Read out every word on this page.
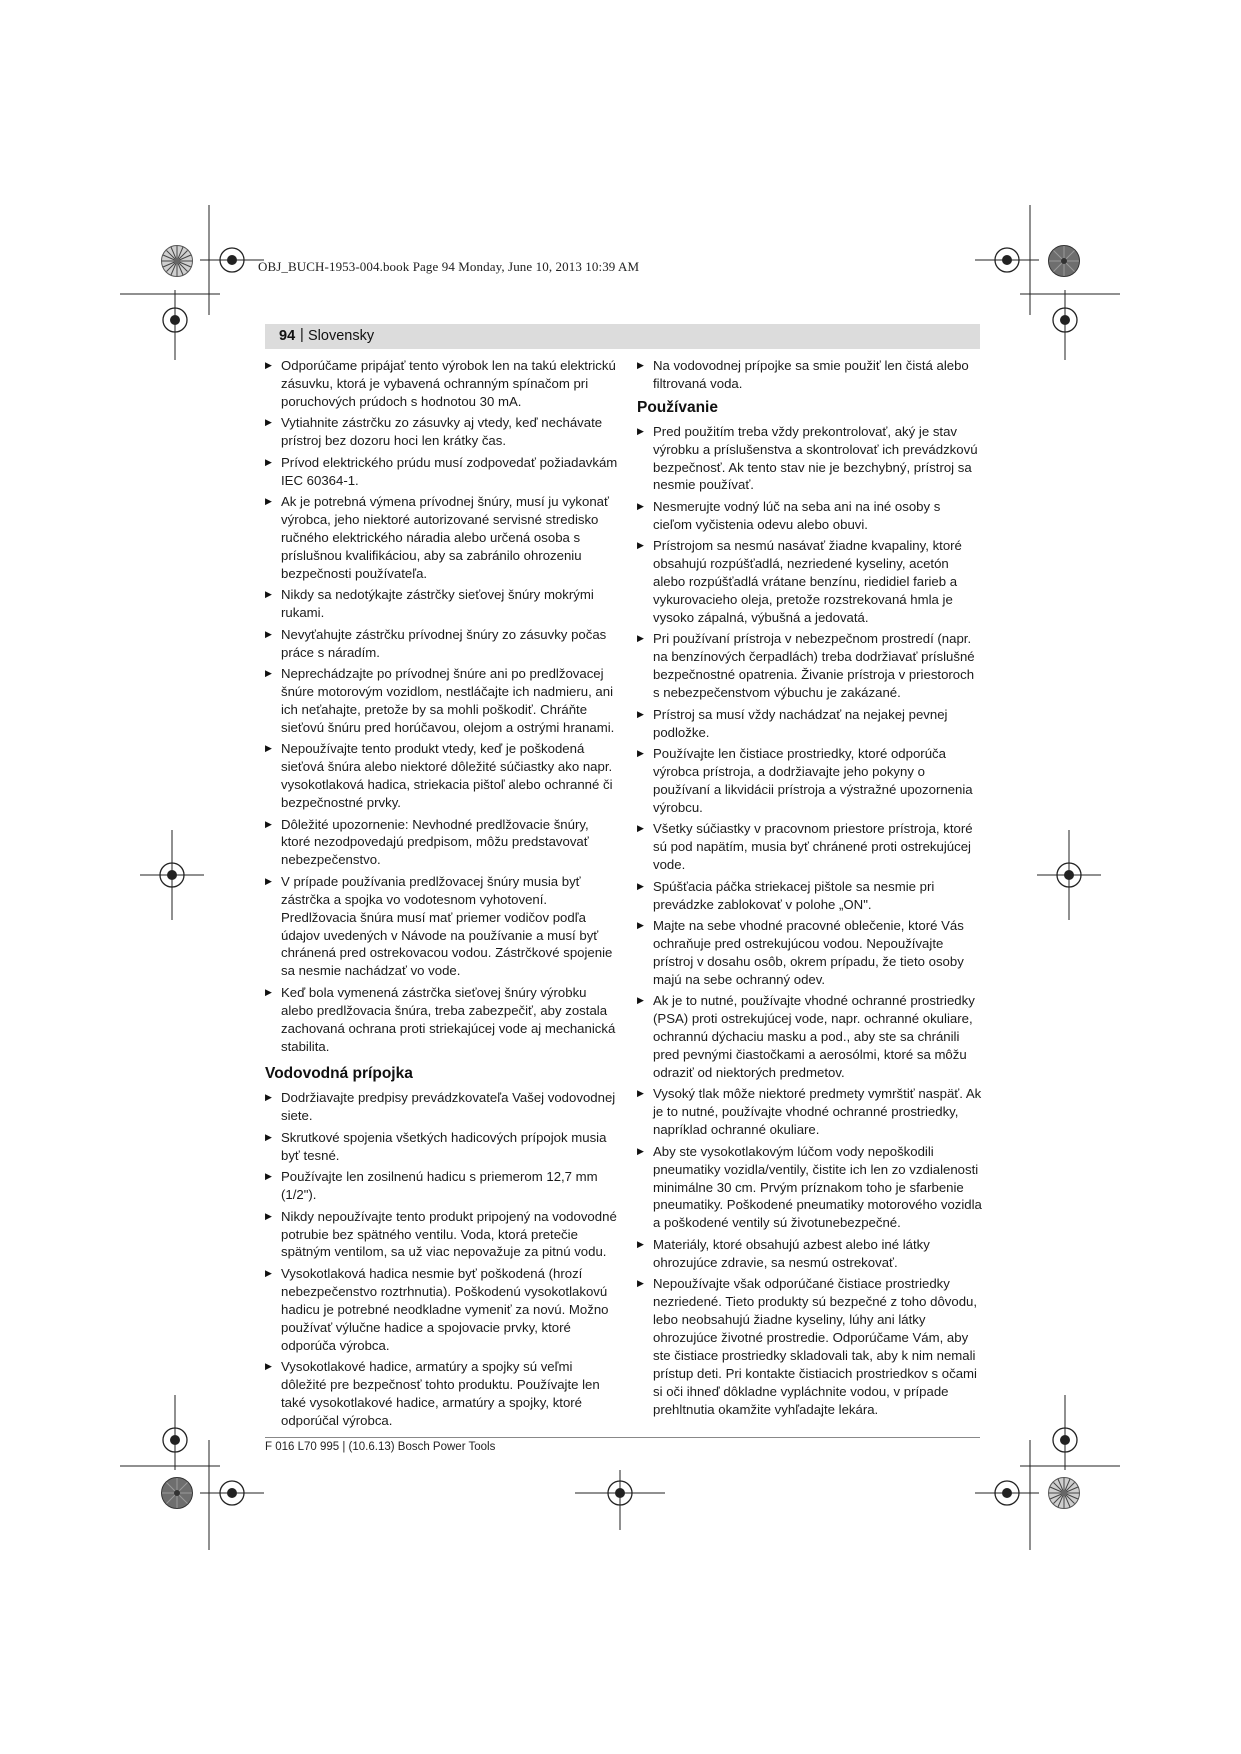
OBJ_BUCH-1953-004.book Page 94 Monday, June 10, 2013 10:39 AM
94 | Slovensky
▶ Odporúčame pripájať tento výrobok len na takú elektrickú zásuvku, ktorá je vybavená ochranným spínačom pri poruchových prúdoch s hodnotou 30 mA.
▶ Vytiahnite zástrčku zo zásuvky aj vtedy, keď nechávate prístroj bez dozoru hoci len krátky čas.
▶ Prívod elektrického prúdu musí zodpovedať požiadavkám IEC 60364-1.
▶ Ak je potrebná výmena prívodnej šnúry, musí ju vykonať výrobca, jeho niektoré autorizované servisné stredisko ručného elektrického náradia alebo určená osoba s príslušnou kvalifikáciou, aby sa zabránilo ohrozeniu bezpečnosti používateľa.
▶ Nikdy sa nedotýkajte zástrčky sieťovej šnúry mokrými rukami.
▶ Nevyťahujte zástrčku prívodnej šnúry zo zásuvky počas práce s náradím.
▶ Neprechádzajte po prívodnej šnúre ani po predlžovacej šnúre motorovým vozidlom, nestláčajte ich nadmieru, ani ich neťahajte, pretože by sa mohli poškodiť. Chráňte sieťovú šnúru pred horúčavou, olejom a ostrými hranami.
▶ Nepoužívajte tento produkt vtedy, keď je poškodená sieťová šnúra alebo niektoré dôležité súčiastky ako napr. vysokotlaková hadica, striekacia pištoľ alebo ochranné či bezpečnostné prvky.
▶ Dôležité upozornenie: Nevhodné predlžovacie šnúry, ktoré nezodpovedajú predpisom, môžu predstavovať nebezpečenstvo.
▶ V prípade používania predlžovacej šnúry musia byť zástrčka a spojka vo vodotesnom vyhotovení. Predlžovacia šnúra musí mať priemer vodičov podľa údajov uvedených v Návode na používanie a musí byť chránená pred ostrekovacou vodou. Zástrčkové spojenie sa nesmie nachádzať vo vode.
▶ Keď bola vymenená zástrčka sieťovej šnúry výrobku alebo predlžovacia šnúra, treba zabezpečiť, aby zostala zachovaná ochrana proti striekajúcej vode aj mechanická stabilita.
Vodovodná prípojka
▶ Dodržiavajte predpisy prevádzkovateľa Vašej vodovodnej siete.
▶ Skrutkové spojenia všetkých hadicových prípojok musia byť tesné.
▶ Používajte len zosilnenú hadicu s priemerom 12,7 mm (1/2").
▶ Nikdy nepoužívajte tento produkt pripojený na vodovodné potrubie bez spätného ventilu. Voda, ktorá pretečie spätným ventilom, sa už viac nepovažuje za pitnú vodu.
▶ Vysokotlaková hadica nesmie byť poškodená (hrozí nebezpečenstvo roztrhnutia). Poškodenú vysokotlakovú hadicu je potrebné neodkladne vymeniť za novú. Možno používať výlučne hadice a spojovacie prvky, ktoré odporúča výrobca.
▶ Vysokotlakové hadice, armatúry a spojky sú veľmi dôležité pre bezpečnosť tohto produktu. Používajte len také vysokotlakové hadice, armatúry a spojky, ktoré odporúčal výrobca.
▶ Na vodovodnej prípojke sa smie použiť len čistá alebo filtrovaná voda.
Používanie
▶ Pred použitím treba vždy prekontrolovať, aký je stav výrobku a príslušenstva a skontrolovať ich prevádzkovú bezpečnosť. Ak tento stav nie je bezchybný, prístroj sa nesmie používať.
▶ Nesmerujte vodný lúč na seba ani na iné osoby s cieľom vyčistenia odevu alebo obuvi.
▶ Prístrojom sa nesmú nasávať žiadne kvapaliny, ktoré obsahujú rozpúšťadlá, nezriedené kyseliny, acetón alebo rozpúšťadlá vrátane benzínu, riedidiel farieb a vykurovacieho oleja, pretože rozstrekovaná hmla je vysoko zápalná, výbušná a jedovatá.
▶ Pri používaní prístroja v nebezpečnom prostredí (napr. na benzínových čerpadlách) treba dodržiavať príslušné bezpečnostné opatrenia. Živanie prístroja v priestoroch s nebezpečenstvom výbuchu je zakázané.
▶ Prístroj sa musí vždy nachádzať na nejakej pevnej podložke.
▶ Používajte len čistiace prostriedky, ktoré odporúča výrobca prístroja, a dodržiavajte jeho pokyny o používaní a likvidácii prístroja a výstražné upozornenia výrobcu.
▶ Všetky súčiastky v pracovnom priestore prístroja, ktoré sú pod napätím, musia byť chránené proti ostrekujúcej vode.
▶ Spúšťacia páčka striekacej pištole sa nesmie pri prevádzke zablokovať v polohe „ON".
▶ Majte na sebe vhodné pracovné oblečenie, ktoré Vás ochraňuje pred ostrekujúcou vodou. Nepoužívajte prístroj v dosahu osôb, okrem prípadu, že tieto osoby majú na sebe ochranný odev.
▶ Ak je to nutné, používajte vhodné ochranné prostriedky (PSA) proti ostrekujúcej vode, napr. ochranné okuliare, ochrannú dýchaciu masku a pod., aby ste sa chránili pred pevnými čiastočkami a aerosólmi, ktoré sa môžu odraziť od niektorých predmetov.
▶ Vysoký tlak môže niektoré predmety vymrštiť naspäť. Ak je to nutné, používajte vhodné ochranné prostriedky, napríklad ochranné okuliare.
▶ Aby ste vysokotlakovým lúčom vody nepoškodili pneumatiky vozidla/ventily, čistite ich len zo vzdialenosti minimálne 30 cm. Prvým príznakom toho je sfarbenie pneumatiky. Poškodené pneumatiky motorového vozidla a poškodené ventily sú životunebezpečné.
▶ Materiály, ktoré obsahujú azbest alebo iné látky ohrozujúce zdravie, sa nesmú ostrekovať.
▶ Nepoužívajte však odporúčané čistiace prostriedky nezriedené. Tieto produkty sú bezpečné z toho dôvodu, lebo neobsahujú žiadne kyseliny, lúhy ani látky ohrozujúce životné prostredie. Odporúčame Vám, aby ste čistiace prostriedky skladovali tak, aby k nim nemali prístup deti. Pri kontakte čistiacich prostriedkov s očami si oči ihneď dôkladne vypláchnite vodou, v prípade prehltnutia okamžite vyhľadajte lekára.
F 016 L70 995 | (10.6.13) Bosch Power Tools
